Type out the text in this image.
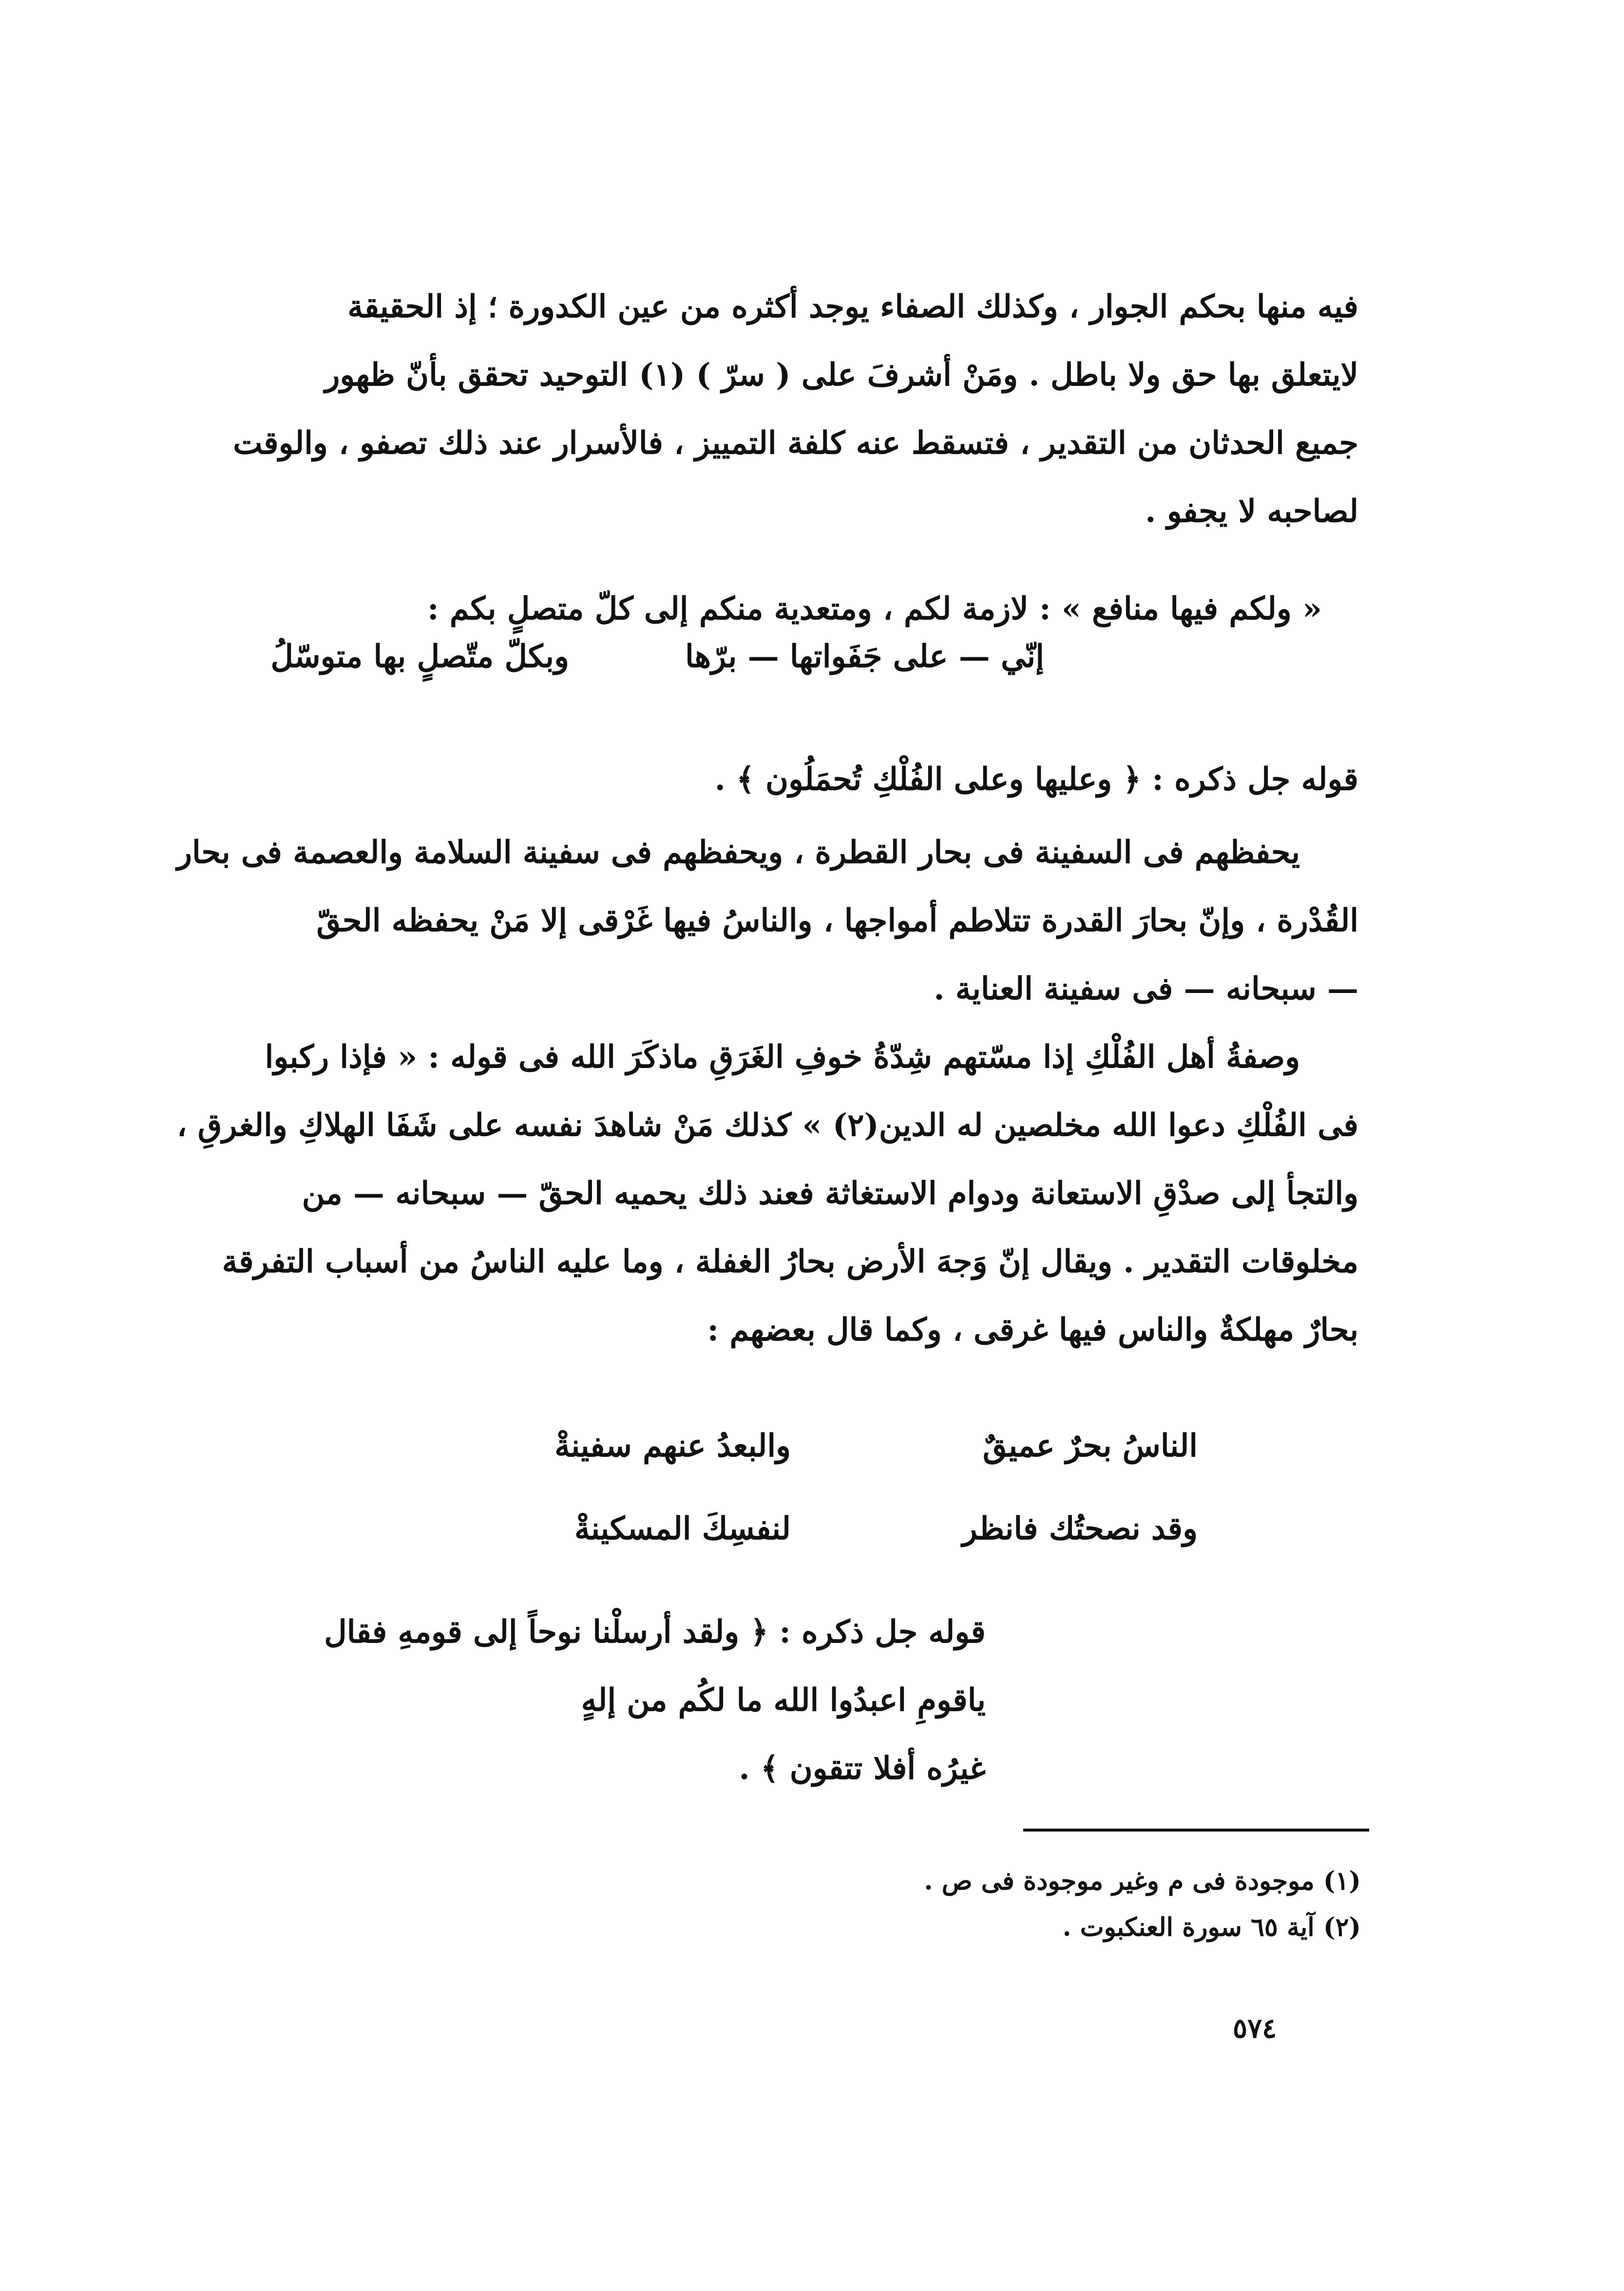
فيه منها بحكم الجوار ، وكذلك الصفاء يوجد أكثره من عين الكدورة ؛ إذ الحقيقة
لايتعلق بها حق ولا باطل . ومَنْ أشرفَ على ( سرّ ) (١) التوحيد تحقق بأنّ ظهور
جميع الحدثان من التقدير ، فتسقط عنه كلفة التمييز ، فالأسرار عند ذلك تصفو ، والوقت
لصاحبه لا يجفو .
« ولكم فيها منافع » : لازمة لكم ، ومتعدية منكم إلى كلّ متصلٍ بكم :
إنّي — على جَفَواتها — برّها
وبكلّ متّصلٍ بها متوسّلُ
قوله جل ذكره : ﴿ وعليها وعلى الفُلْكِ تُحمَلُون ﴾ .
يحفظهم فى السفينة فى بحار القطرة ، ويحفظهم فى سفينة السلامة والعصمة فى بحار
القُدْرة ، وإنّ بحارَ القدرة تتلاطم أمواجها ، والناسُ فيها غَرْقى إلا مَنْ يحفظه الحقّ
— سبحانه — فى سفينة العناية .
وصفةُ أهل الفُلْكِ إذا مسّتهم شِدّةُ خوفِ الغَرَقِ ماذكَرَ الله فى قوله : « فإذا ركبوا
فى الفُلْكِ دعوا الله مخلصين له الدين(٢) » كذلك مَنْ شاهدَ نفسه على شَفَا الهلاكِ والغرقِ ،
والتجأ إلى صدْقِ الاستعانة ودوام الاستغاثة فعند ذلك يحميه الحقّ — سبحانه — من
مخلوقات التقدير . ويقال إنّ وَجهَ الأرض بحارُ الغفلة ، وما عليه الناسُ من أسباب التفرقة
بحارٌ مهلكةٌ والناس فيها غرقى ، وكما قال بعضهم :
الناسُ بحرٌ عميقٌ
والبعدُ عنهم سفينةْ
وقد نصحتُك فانظر
لنفسِكَ المسكينةْ
قوله جل ذكره : ﴿ ولقد أرسلْنا نوحاً إلى قومهِ فقال
ياقومِ اعبدُوا الله ما لكُم من إلهٍ
غيرُه أفلا تتقون ﴾ .
(١) موجودة فى م وغير موجودة فى ص .
(٢) آية ٦٥ سورة العنكبوت .
٥٧٤
